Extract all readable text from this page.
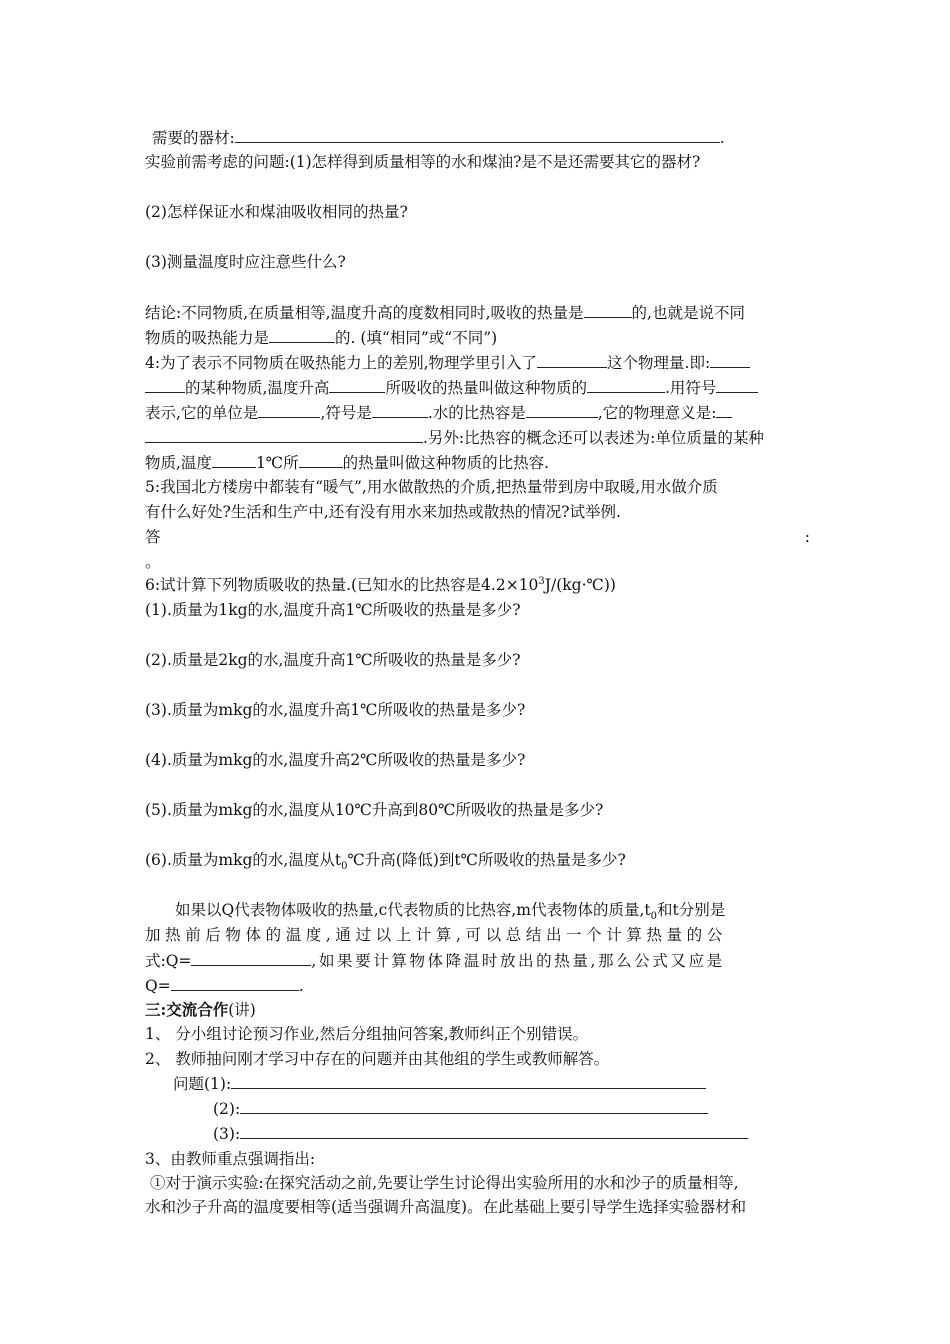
需要的器材:	.
实验前需考虑的问题:(1)怎样得到质量相等的水和煤油?是不是还需要其它的器材?
(2)怎样保证水和煤油吸收相同的热量?
(3)测量温度时应注意些什么?
结论:不同物质,在质量相等,温度升高的度数相同时,吸收的热量是	的,也就是说不同
物质的吸热能力是	的. (填“相同”或“不同”)
4:为了表示不同物质在吸热能力上的差别,物理学里引入了	这个物理量.即:
的某种物质,温度升高	所吸收的热量叫做这种物质的	.用符号
表示,它的单位是	,符号是	.水的比热容是	,它的物理意义是:
.另外:比热容的概念还可以表述为:单位质量的某种
物质,温度	1℃所	的热量叫做这种物质的比热容.
5:我国北方楼房中都装有“暖气”,用水做散热的介质,把热量带到房中取暖,用水做介质
有什么好处?生活和生产中,还有没有用水来加热或散热的情况?试举例.
答	:
。
6:试计算下列物质吸收的热量.(已知水的比热容是$4.2\times 10^3J/(kg\cdot℃)$)
(1).质量为1kg的水,温度升高1℃所吸收的热量是多少?
(2).质量是2kg的水,温度升高1℃所吸收的热量是多少?
(3).质量为mkg的水,温度升高1℃所吸收的热量是多少?
(4).质量为mkg的水,温度升高2℃所吸收的热量是多少?
(5).质量为mkg的水,温度从10℃升高到80℃所吸收的热量是多少?
(6).质量为mkg的水,温度从$t_0℃$升高(降低)到t℃所吸收的热量是多少?
如果以Q代表物体吸收的热量,c代表物质的比热容,m代表物体的质量$,t_0$和t分别是
加热前后物体的温度,通过以上计算,可以总结出一个计算热量的公
式:Q=	,如果要计算物体降温时放出的热量,那么公式又应是
Q=	.
三:交流合作(讲)
1、 分小组讨论预习作业,然后分组抽问答案,教师纠正个别错误。
2、 教师抽问刚才学习中存在的问题并由其他组的学生或教师解答。
问题(1):
(2):
(3):
3、由教师重点强调指出:
①对于演示实验:在探究活动之前,先要让学生讨论得出实验所用的水和沙子的质量相等,
水和沙子升高的温度要相等(适当强调升高温度)。在此基础上要引导学生选择实验器材和
